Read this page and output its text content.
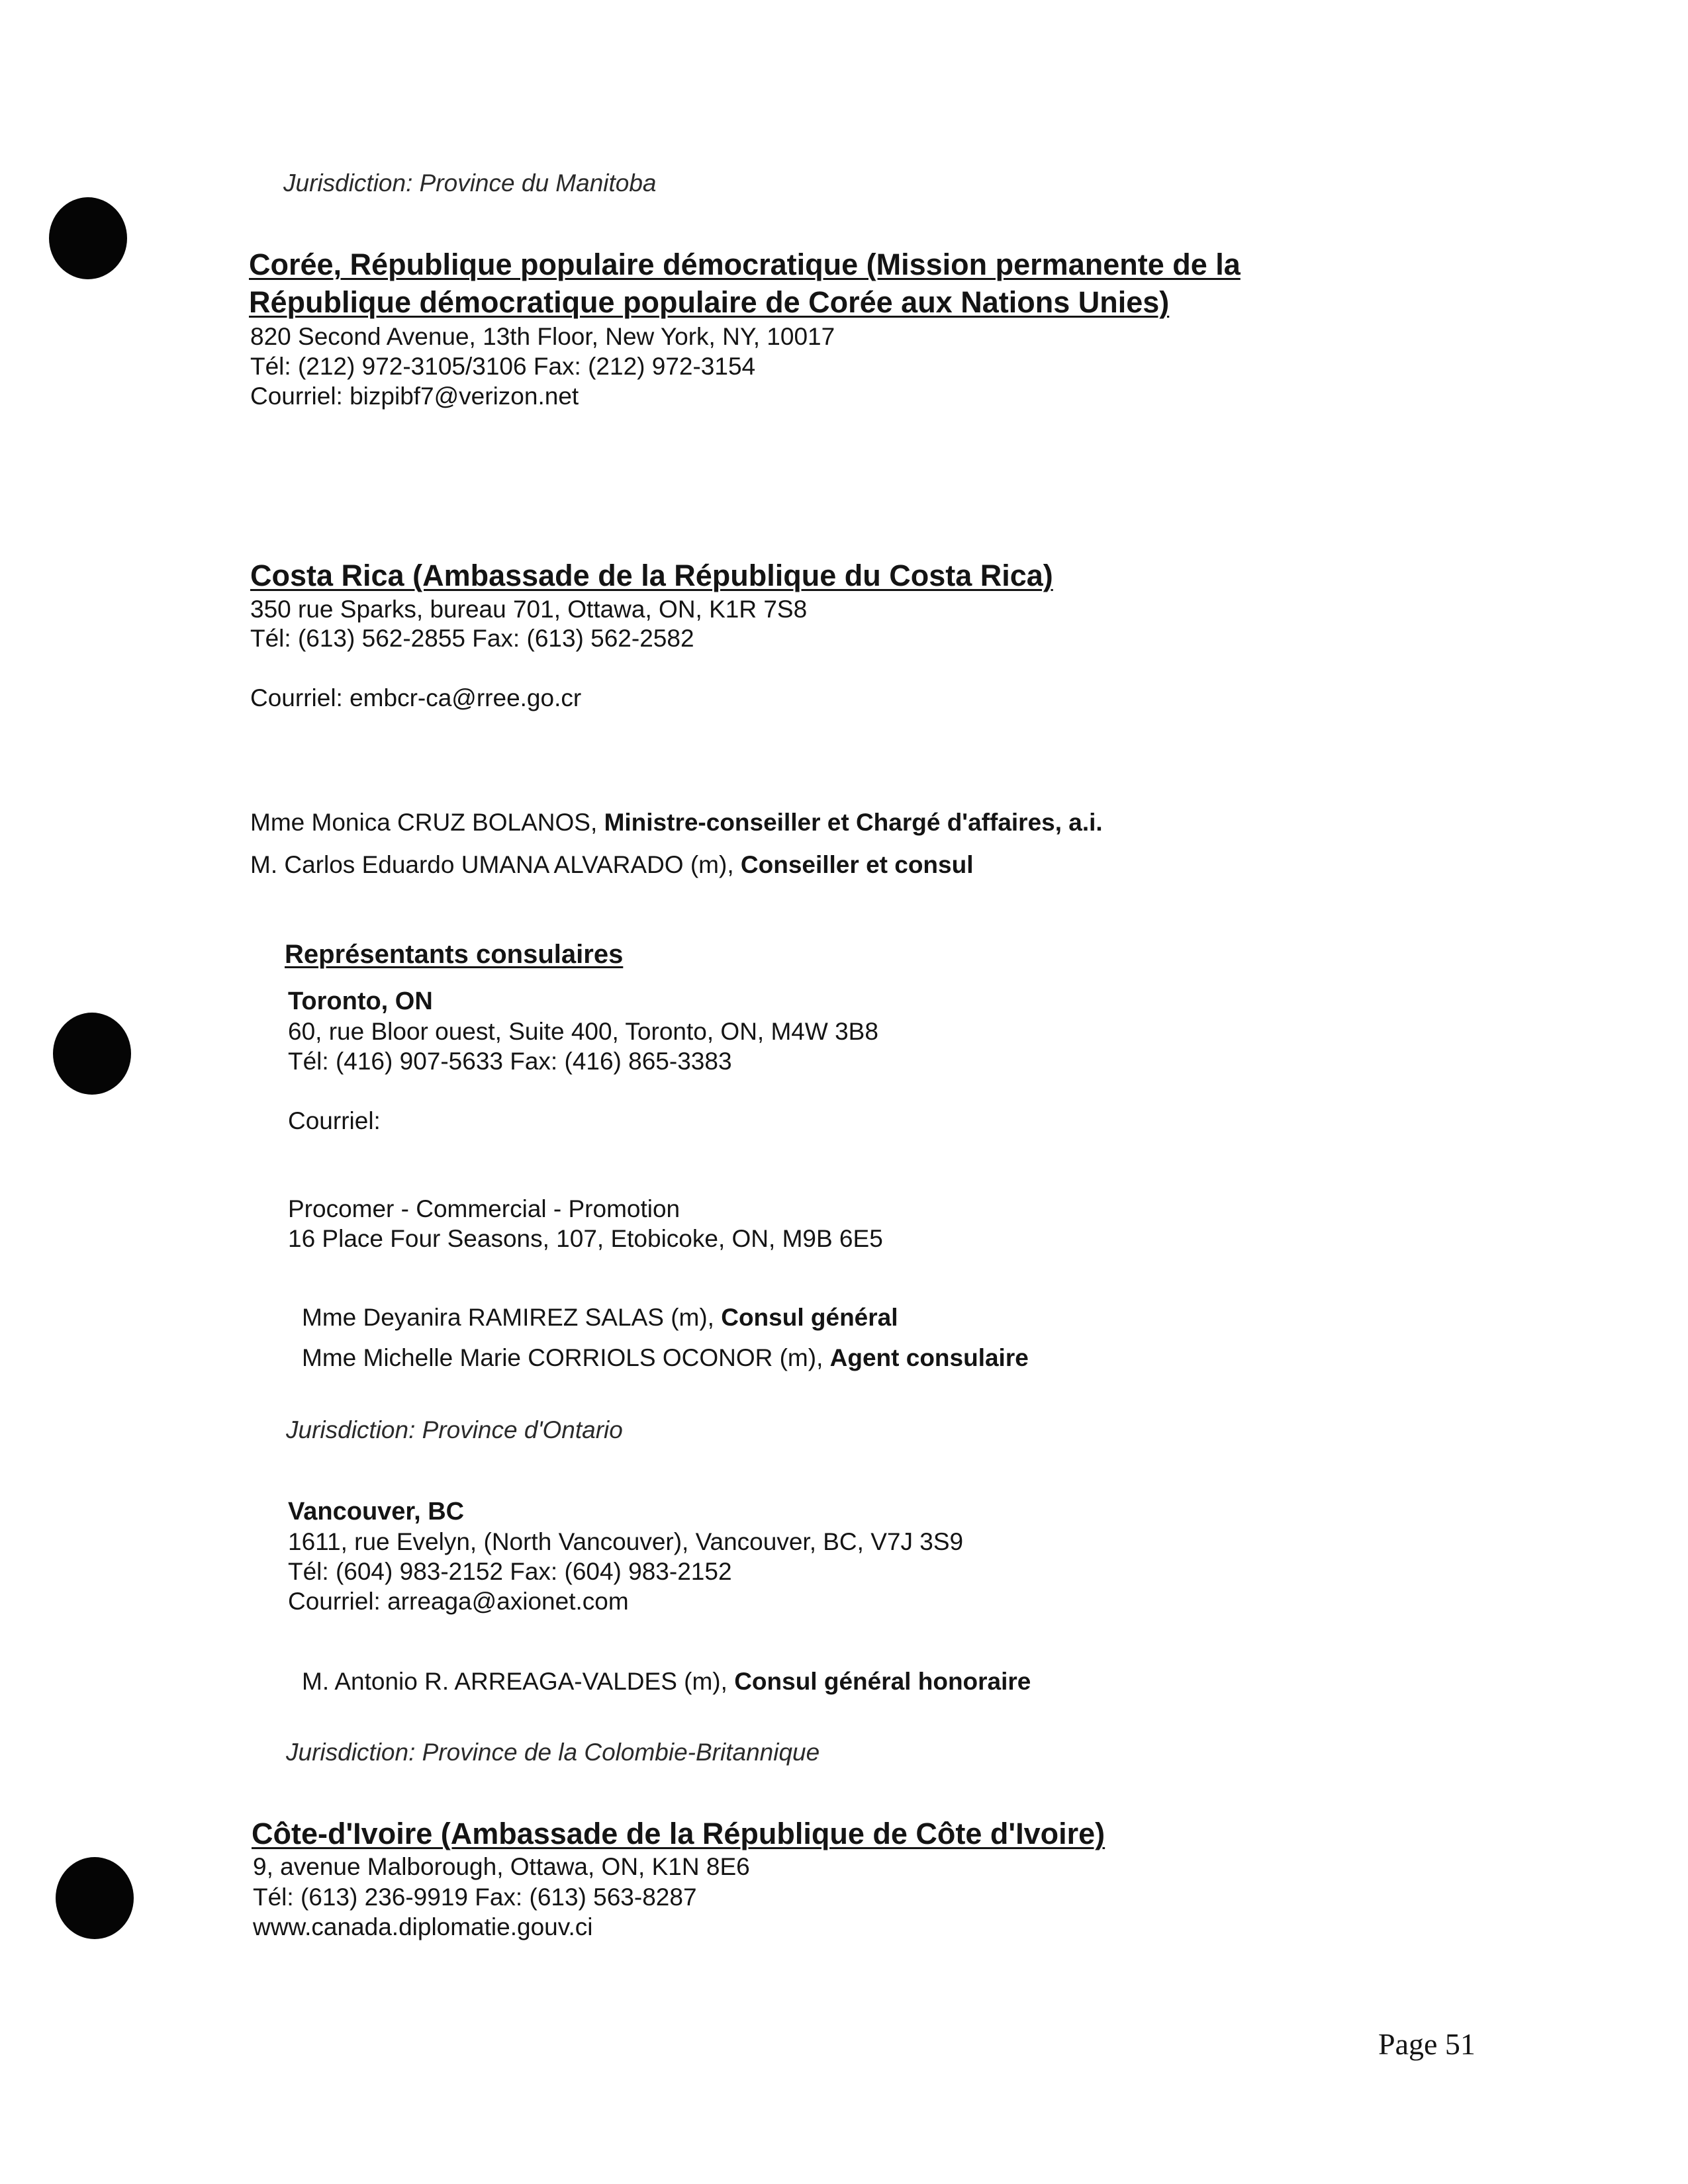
Jurisdiction: Province du Manitoba
Corée, République populaire démocratique (Mission permanente de la
République démocratique populaire de Corée aux Nations Unies)
820 Second Avenue, 13th Floor, New York, NY, 10017
Tél: (212) 972-3105/3106 Fax: (212) 972-3154
Courriel: bizpibf7@verizon.net
Costa Rica (Ambassade de la République du Costa Rica)
350 rue Sparks, bureau 701, Ottawa, ON, K1R 7S8
Tél: (613) 562-2855 Fax: (613) 562-2582
Courriel: embcr-ca@rree.go.cr
Mme Monica CRUZ BOLANOS, Ministre-conseiller et Chargé d'affaires, a.i.
M. Carlos Eduardo UMANA ALVARADO (m), Conseiller et consul
Représentants consulaires
Toronto, ON
60, rue Bloor ouest, Suite 400, Toronto, ON, M4W 3B8
Tél: (416) 907-5633 Fax: (416) 865-3383
Courriel:
Procomer - Commercial - Promotion
16 Place Four Seasons, 107, Etobicoke, ON, M9B 6E5
Mme Deyanira RAMIREZ SALAS (m), Consul général
Mme Michelle Marie CORRIOLS OCONOR (m), Agent consulaire
Jurisdiction: Province d'Ontario
Vancouver, BC
1611, rue Evelyn, (North Vancouver), Vancouver, BC, V7J 3S9
Tél: (604) 983-2152 Fax: (604) 983-2152
Courriel: arreaga@axionet.com
M. Antonio R. ARREAGA-VALDES (m), Consul général honoraire
Jurisdiction: Province de la Colombie-Britannique
Côte-d'Ivoire (Ambassade de la République de Côte d'Ivoire)
9, avenue Malborough, Ottawa, ON, K1N 8E6
Tél: (613) 236-9919 Fax: (613) 563-8287
www.canada.diplomatie.gouv.ci
Page 51
